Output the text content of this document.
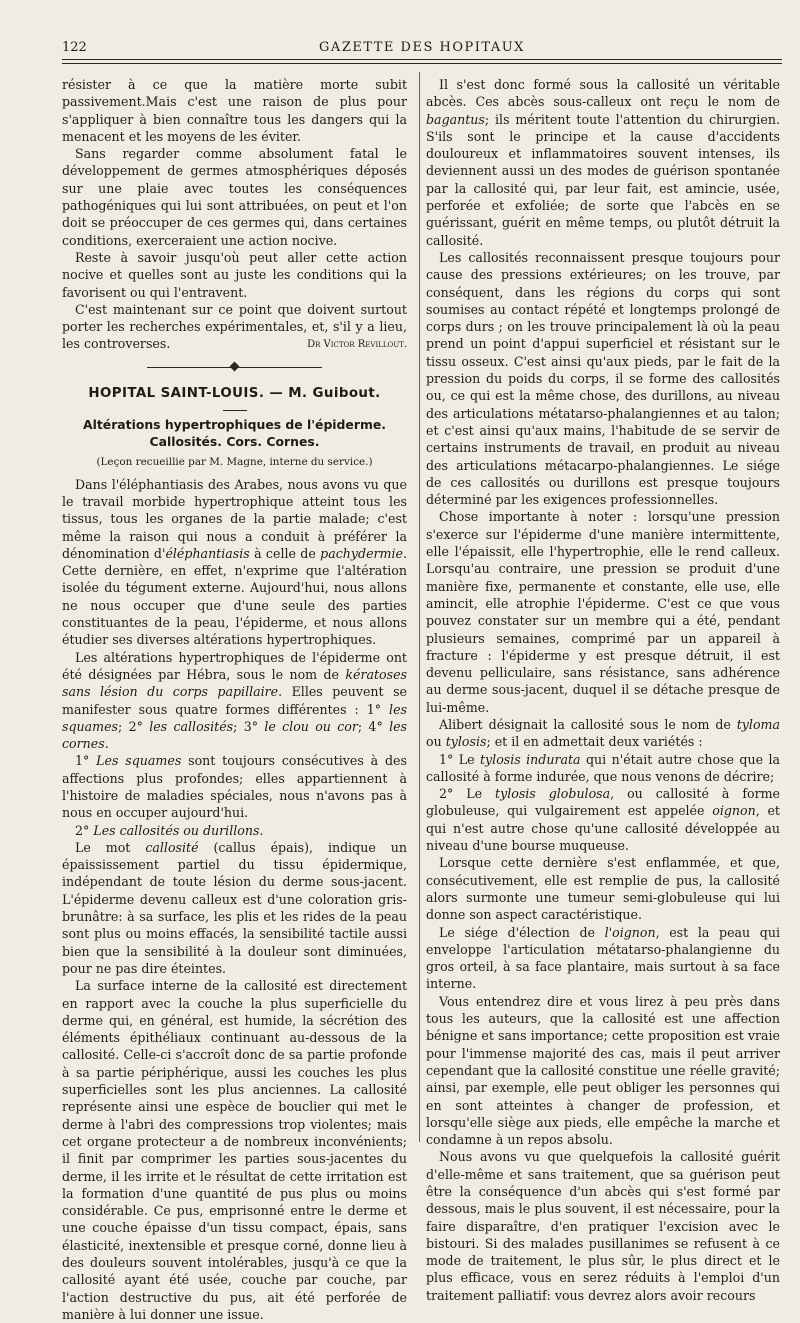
122	GAZETTE DES HOPITAUX

résister à ce que la matière morte subit passivement.Mais c'est une raison de plus pour s'appliquer à bien connaître tous les dangers qui la menacent et les moyens de les éviter.

Sans regarder comme absolument fatal le développement de germes atmosphériques déposés sur une plaie avec toutes les conséquences pathogéniques qui lui sont attribuées, on peut et l'on doit se préoccuper de ces germes qui, dans certaines conditions, exerceraient une action nocive.

Reste à savoir jusqu'où peut aller cette action nocive et quelles sont au juste les conditions qui la favorisent ou qui l'entravent.

C'est maintenant sur ce point que doivent surtout porter les recherches expérimentales, et, s'il y a lieu, les controverses.	Dr Victor Revillout.
HOPITAL SAINT-LOUIS. — M. Guibout.
Altérations hypertrophiques de l'épiderme. Callosités. Cors. Cornes.
(Leçon recueillie par M. Magne, interne du service.)

Dans l'éléphantiasis des Arabes, nous avons vu que le travail morbide hypertrophique atteint tous les tissus, tous les organes de la partie malade; c'est même la raison qui nous a conduit à préférer la dénomination d'éléphantiasis à celle de pachydermie. Cette dernière, en effet, n'exprime que l'altération isolée du tégument externe. Aujourd'hui, nous allons ne nous occuper que d'une seule des parties constituantes de la peau, l'épiderme, et nous allons étudier ses diverses altérations hypertrophiques.

Les altérations hypertrophiques de l'épiderme ont été désignées par Hébra, sous le nom de kératoses sans lésion du corps papillaire. Elles peuvent se manifester sous quatre formes différentes : 1° les squames; 2° les callosités; 3° le clou ou cor; 4° les cornes.

1° Les squames sont toujours consécutives à des affections plus profondes; elles appartiennent à l'histoire de maladies spéciales, nous n'avons pas à nous en occuper aujourd'hui.

2° Les callosités ou durillons.

Le mot callosité (callus épais), indique un épaississement partiel du tissu épidermique, indépendant de toute lésion du derme sous-jacent. L'épiderme devenu calleux est d'une coloration gris-brunâtre: à sa surface, les plis et les rides de la peau sont plus ou moins effacés, la sensibilité tactile aussi bien que la sensibilité à la douleur sont diminuées, pour ne pas dire éteintes.

La surface interne de la callosité est directement en rapport avec la couche la plus superficielle du derme qui, en général, est humide, la sécrétion des éléments épithéliaux continuant au-dessous de la callosité. Celle-ci s'accroît donc de sa partie profonde à sa partie périphérique, aussi les couches les plus superficielles sont les plus anciennes. La callosité représente ainsi une espèce de bouclier qui met le derme à l'abri des compressions trop violentes; mais cet organe protecteur a de nombreux inconvénients; il finit par comprimer les parties sous-jacentes du derme, il les irrite et le résultat de cette irritation est la formation d'une quantité de pus plus ou moins considérable. Ce pus, emprisonné entre le derme et une couche épaisse d'un tissu compact, épais, sans élasticité, inextensible et presque corné, donne lieu à des douleurs souvent intolérables, jusqu'à ce que la callosité ayant été usée, couche par couche, par l'action destructive du pus, ait été perforée de manière à lui donner une issue.

Il s'est donc formé sous la callosité un véritable abcès. Ces abcès sous-calleux ont reçu le nom de bagantus; ils méritent toute l'attention du chirurgien. S'ils sont le principe et la cause d'accidents douloureux et inflammatoires souvent intenses, ils deviennent aussi un des modes de guérison spontanée par la callosité qui, par leur fait, est amincie, usée, perforée et exfoliée; de sorte que l'abcès en se guérissant, guérit en même temps, ou plutôt détruit la callosité.

Les callosités reconnaissent presque toujours pour cause des pressions extérieures; on les trouve, par conséquent, dans les régions du corps qui sont soumises au contact répété et longtemps prolongé de corps durs ; on les trouve principalement là où la peau prend un point d'appui superficiel et résistant sur le tissu osseux. C'est ainsi qu'aux pieds, par le fait de la pression du poids du corps, il se forme des callosités ou, ce qui est la même chose, des durillons, au niveau des articulations métatarso-phalangiennes et au talon; et c'est ainsi qu'aux mains, l'habitude de se servir de certains instruments de travail, en produit au niveau des articulations métacarpo-phalangiennes. Le siége de ces callosités ou durillons est presque toujours déterminé par les exigences professionnelles.

Chose importante à noter : lorsqu'une pression s'exerce sur l'épiderme d'une manière intermittente, elle l'épaissit, elle l'hypertrophie, elle le rend calleux. Lorsqu'au contraire, une pression se produit d'une manière fixe, permanente et constante, elle use, elle amincit, elle atrophie l'épiderme. C'est ce que vous pouvez constater sur un membre qui a été, pendant plusieurs semaines, comprimé par un appareil à fracture : l'épiderme y est presque détruit, il est devenu pelliculaire, sans résistance, sans adhérence au derme sous-jacent, duquel il se détache presque de lui-même.

Alibert désignait la callosité sous le nom de tyloma ou tylosis; et il en admettait deux variétés :

1° Le tylosis indurata qui n'était autre chose que la callosité à forme indurée, que nous venons de décrire;

2° Le tylosis globulosa, ou callosité à forme globuleuse, qui vulgairement est appelée oignon, et qui n'est autre chose qu'une callosité développée au niveau d'une bourse muqueuse.

Lorsque cette dernière s'est enflammée, et que, consécutivement, elle est remplie de pus, la callosité alors surmonte une tumeur semi-globuleuse qui lui donne son aspect caractéristique.

Le siége d'élection de l'oignon, est la peau qui enveloppe l'articulation métatarso-phalangienne du gros orteil, à sa face plantaire, mais surtout à sa face interne.

Vous entendrez dire et vous lirez à peu près dans tous les auteurs, que la callosité est une affection bénigne et sans importance; cette proposition est vraie pour l'immense majorité des cas, mais il peut arriver cependant que la callosité constitue une réelle gravité; ainsi, par exemple, elle peut obliger les personnes qui en sont atteintes à changer de profession, et lorsqu'elle siège aux pieds, elle empêche la marche et condamne à un repos absolu.

Nous avons vu que quelquefois la callosité guérit d'elle-même et sans traitement, que sa guérison peut être la conséquence d'un abcès qui s'est formé par dessous, mais le plus souvent, il est nécessaire, pour la faire disparaître, d'en pratiquer l'excision avec le bistouri. Si des malades pusillanimes se refusent à ce mode de traitement, le plus sûr, le plus direct et le plus efficace, vous en serez réduits à l'emploi d'un traitement palliatif: vous devrez alors avoir recours
